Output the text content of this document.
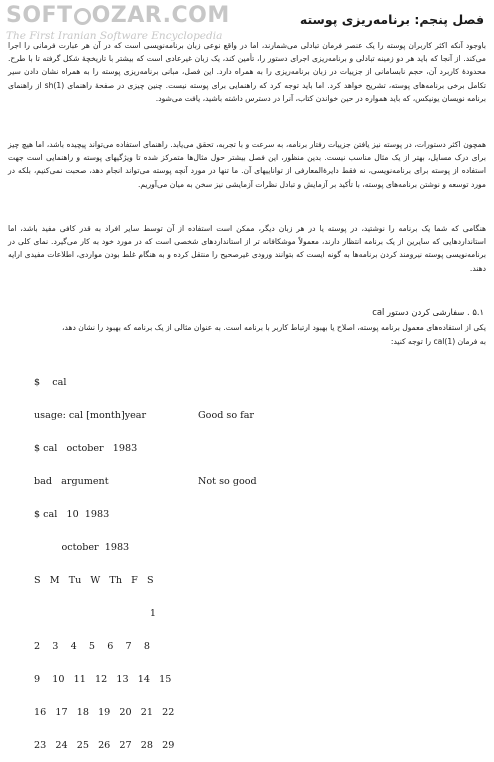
SOFT OZAR.COM
The First Iranian Software Encyclopedia
فصل پنجم: برنامه‌ریزی پوسته

باوجود آنکه اکثر کاربران پوسته را یک عنصر فرمان تبادلی می‌شمارند، اما در واقع نوعی زبان برنامه‌نویسی است که در آن هر عبارت فرمانی را اجرا می‌کند. از آنجا که باید هر دو زمینه تبادلی و برنامه‌ریزی اجرای دستور را، تأمین کند، یک زبان غیرعادی است که بیشتر با تاریخچهٔ شکل گرفته تا با طرح. محدودهٔ کاربرد آن، حجم نابسامانی از جزییات در زبان برنامه‌ریزی را به همراه دارد. این فصل، مبانی برنامه‌ریزی پوسته را به همراه نشان دادن سیر تکامل برخی برنامه‌های پوسته، تشریح خواهد کرد. اما باید توجه کرد که راهنمایی برای پوسته نیست. چنین چیزی در صفحهٔ راهنمای (1)sh از راهنمای برنامه نویسان یونیکس، که باید همواره در حین خواندن کتاب، آنرا در دسترس داشته باشید، یافت می‌شود.

همچون اکثر دستورات، در پوسته نیز یافتن جزییات رفتار برنامه، به سرعت و با تجربه، تحقق می‌یابد. راهنمای استفاده می‌تواند پیچیده باشد، اما هیچ چیز برای درک مسایل، بهتر از یک مثال مناسب نیست. بدین منظور، این فصل بیشتر حول مثال‌ها متمرکز شده تا ویژگیهای پوسته و راهنمایی است جهت استفاده از پوسته برای برنامه‌نویسی، نه فقط دایرهٔ‌المعارفی از تواناییهای آن. ما تنها در مورد آنچه پوسته می‌تواند انجام دهد، صحبت نمی‌کنیم، بلکه در مورد توسعه و نوشتن برنامه‌های پوسته، با تأکید بر آزمایش و تبادل نظرات آزمایشی نیز سخن به میان می‌آوریم.

هنگامی که شما یک برنامه را نوشتید، در پوسته یا در هر زبان دیگر، ممکن است استفاده از آن توسط سایر افراد به قدر کافی مفید باشد، اما استانداردهایی که سایرین از یک برنامه انتظار دارند، معمولاً موشکافانه تر از استانداردهای شخصی است که در مورد خود به کار می‌گیرد. نمای کلی در برنامه‌نویسی پوسته نیرومند کردن برنامه‌ها به گونه ایست که بتوانند ورودی غیرصحیح را منتقل کرده و به هنگام غلط بودن مواردی، اطلاعات مفیدی ارایه دهند.

۵.۱ . سفارشی کردن دستور cal

یکی از استفاده‌های معمول برنامه پوسته، اصلاح یا بهبود ارتباط کاربر با برنامه است. به عنوان مثالی از یک برنامه که بهبود را نشان دهد،

به فرمان (1)cal را توجه کنید:

$    cal

usage: cal [month]year	Good so far

$ cal   october   1983

bad   argument	Not so good

$ cal   10  1983

october  1983

S   M   Tu   W   Th   F   S

1

2    3    4    5    6    7    8

9    10   11   12   13   14   15

16   17   18   19   20   21   22

23   24   25   26   27   28   29
